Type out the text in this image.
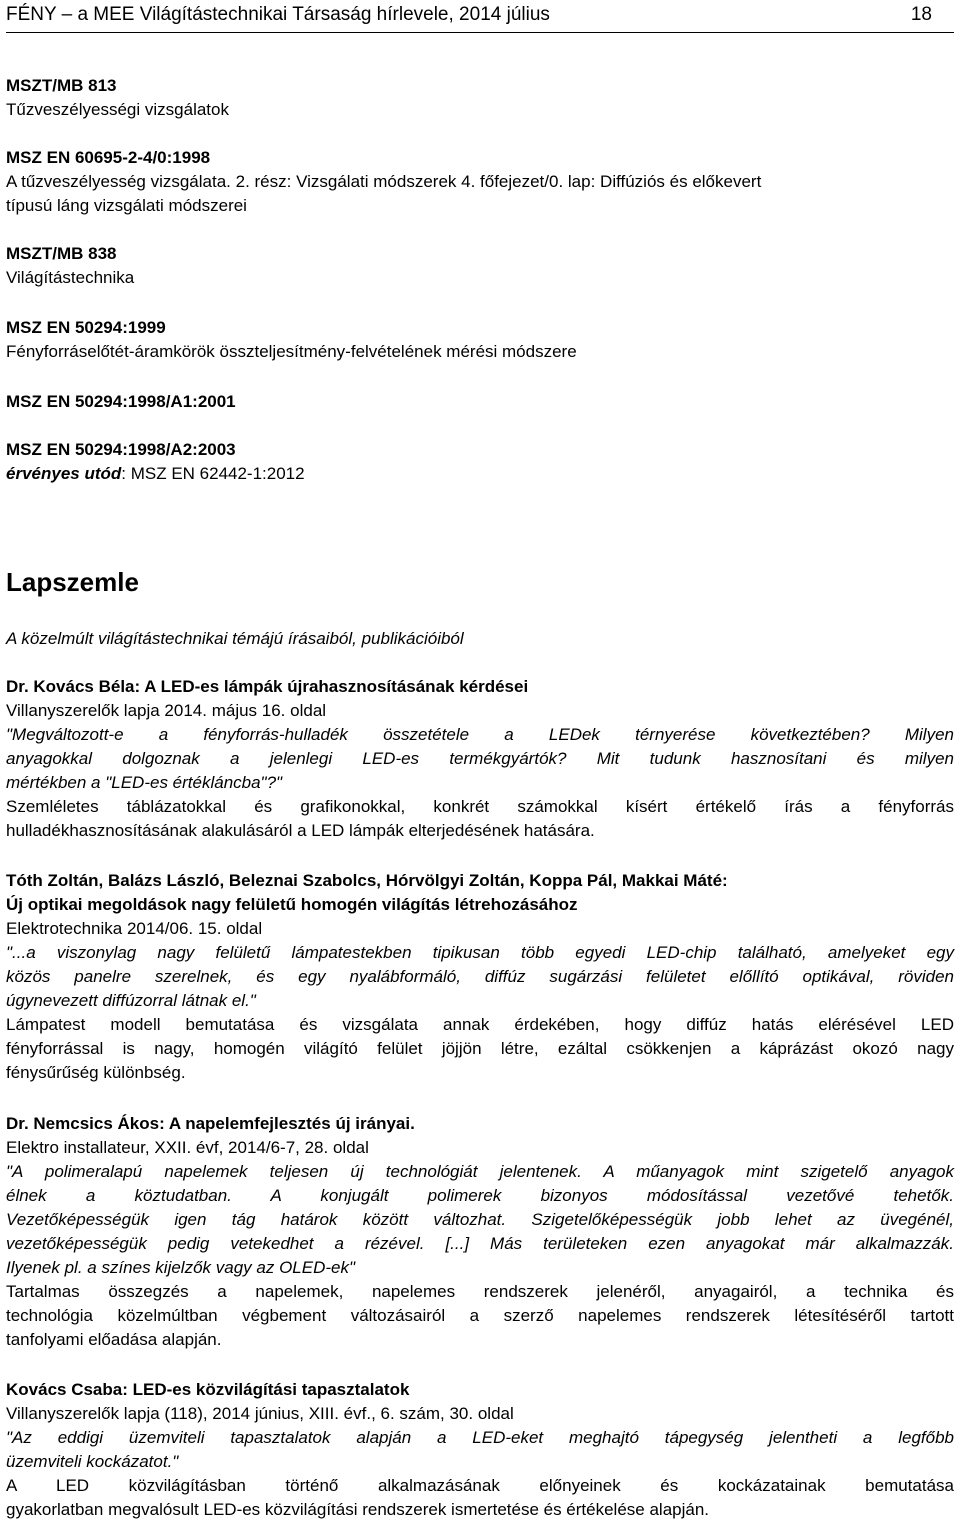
FÉNY – a MEE Világítástechnikai Társaság hírlevele, 2014 július	18
MSZT/MB 813
Tűzveszélyességi vizsgálatok
MSZ EN 60695-2-4/0:1998
A tűzveszélyesség vizsgálata. 2. rész: Vizsgálati módszerek 4. főfejezet/0. lap: Diffúziós és előkevert
típusú láng vizsgálati módszerei
MSZT/MB 838
Világítástechnika
MSZ EN 50294:1999
Fényforráselőtét-áramkörök összteljesítmény-felvételének mérési módszere
MSZ EN 50294:1998/A1:2001
MSZ EN 50294:1998/A2:2003
érvényes utód: MSZ EN 62442-1:2012
Lapszemle
A közelmúlt világítástechnikai témájú írásaiból, publikációiból
Dr. Kovács Béla: A LED-es lámpák újrahasznosításának kérdései
Villanyszerelők lapja 2014. május 16. oldal
"Megváltozott-e a fényforrás-hulladék összetétele a LEDek térnyerése következtében? Milyen
anyagokkal dolgoznak a jelenlegi LED-es termékgyártók? Mit tudunk hasznosítani és milyen
mértékben a "LED-es értékláncba"?"
Szemléletes táblázatokkal és grafikonokkal, konkrét számokkal kísért értékelő írás a fényforrás
hulladékhasznosításának alakulásáról a LED lámpák elterjedésének hatására.
Tóth Zoltán, Balázs László, Beleznai Szabolcs, Hórvölgyi Zoltán, Koppa Pál, Makkai Máté:
Új optikai megoldások nagy felületű homogén világítás létrehozásához
Elektrotechnika 2014/06. 15. oldal
"...a viszonylag nagy felületű lámpatestekben tipikusan több egyedi LED-chip található, amelyeket egy
közös panelre szerelnek, és egy nyalábformáló, diffúz sugárzási felületet előllító optikával, röviden
úgynevezett diffúzorral látnak el."
Lámpatest modell bemutatása és vizsgálata annak érdekében, hogy diffúz hatás elérésével LED
fényforrással is nagy, homogén világító felület jöjjön létre, ezáltal csökkenjen a káprázást okozó nagy
fénysűrűség különbség.
Dr. Nemcsics Ákos: A napelemfejlesztés új irányai.
Elektro installateur, XXII. évf, 2014/6-7, 28. oldal
"A polimeralapú napelemek teljesen új technológiát jelentenek. A műanyagok mint szigetelő anyagok
élnek a köztudatban. A konjugált polimerek bizonyos módosítással vezetővé tehetők.
Vezetőképességük igen tág határok között változhat. Szigetelőképességük jobb lehet az üvegénél,
vezetőképességük pedig vetekedhet a rézével. [...] Más területeken ezen anyagokat már alkalmazzák.
Ilyenek pl. a színes kijelzők vagy az OLED-ek"
Tartalmas összegzés a napelemek, napelemes rendszerek jelenéről, anyagairól, a technika és
technológia közelmúltban végbement változásairól a szerző napelemes rendszerek létesítéséről tartott
tanfolyami előadása alapján.
Kovács Csaba: LED-es közvilágítási tapasztalatok
Villanyszerelők lapja (118), 2014 június, XIII. évf., 6. szám, 30. oldal
"Az eddigi üzemviteli tapasztalatok alapján a LED-eket meghajtó tápegység jelentheti a legfőbb
üzemviteli kockázatot."
A LED közvilágításban történő alkalmazásának előnyeinek és kockázatainak bemutatása
gyakorlatban megvalósult LED-es közvilágítási rendszerek ismertetése és értékelése alapján.
